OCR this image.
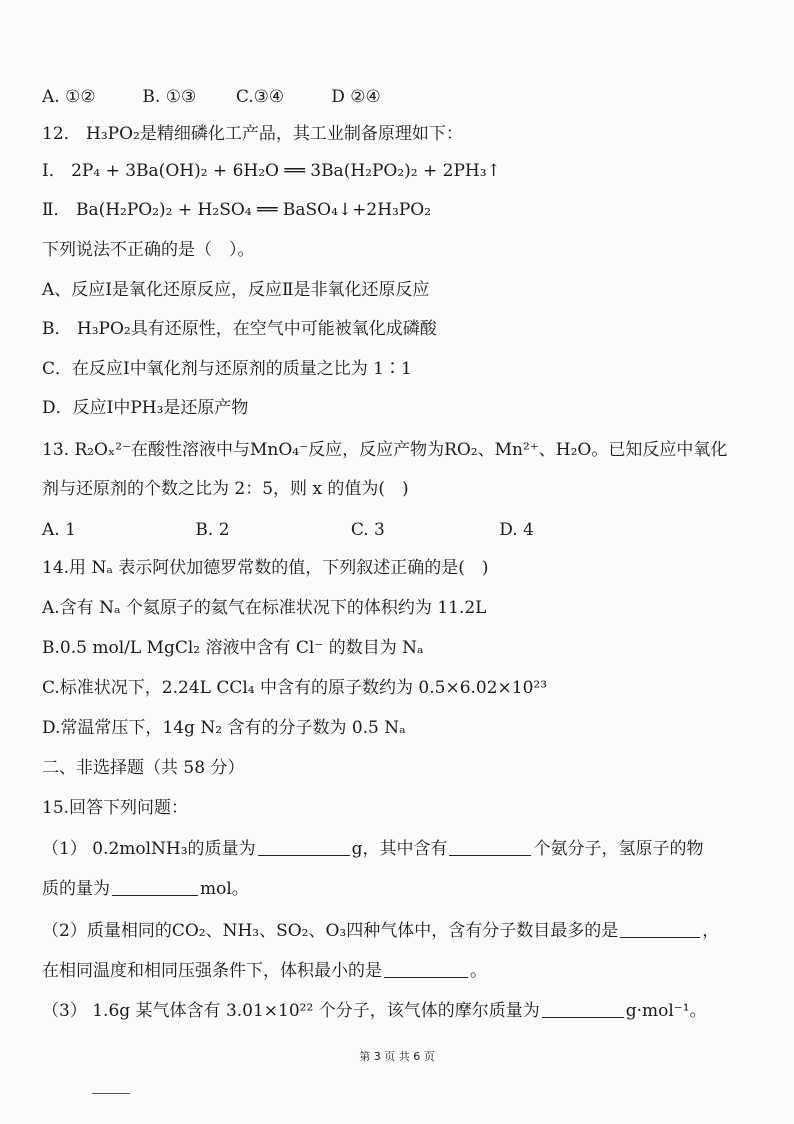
A. ①②	B. ①③ C.③④	D ②④
12． H₃PO₂是精细磷化工产品，其工业制备原理如下：
Ⅰ． 2P₄ + 3Ba(OH)₂ + 6H₂O ══ 3Ba(H₂PO₂)₂ + 2PH₃↑
Ⅱ． Ba(H₂PO₂)₂ + H₂SO₄ ══ BaSO₄↓+2H₃PO₂
下列说法不正确的是（　）。
A、反应Ⅰ是氧化还原反应，反应Ⅱ是非氧化还原反应
B． H₃PO₂具有还原性，在空气中可能被氧化成磷酸
C．在反应Ⅰ中氧化剂与还原剂的质量之比为 1∶1
D．反应Ⅰ中PH₃是还原产物
13. R₂Oₓ²⁻在酸性溶液中与MnO₄⁻反应，反应产物为RO₂、Mn²⁺、H₂O。已知反应中氧化
剂与还原剂的个数之比为 2：5，则 x 的值为(　)
A. 1	B. 2	C. 3	D. 4
14.用 Nₐ 表示阿伏加德罗常数的值，下列叙述正确的是(　)
A.含有 Nₐ 个氦原子的氦气在标准状况下的体积约为 11.2L
B.0.5 mol/L MgCl₂ 溶液中含有 Cl⁻ 的数目为 Nₐ
C.标准状况下，2.24L CCl₄ 中含有的原子数约为 0.5×6.02×10²³
D.常温常压下，14g N₂ 含有的分子数为 0.5 Nₐ
二、非选择题（共 58 分）
15.回答下列问题：
（1） 0.2molNH₃的质量为	g，其中含有	个氨分子，氢原子的物
质的量为	mol。
（2）质量相同的CO₂、NH₃、SO₂、O₃四种气体中，含有分子数目最多的是	，
在相同温度和相同压强条件下，体积最小的是	。
（3） 1.6g 某气体含有 3.01×10²² 个分子，该气体的摩尔质量为	g·mol⁻¹。
第 3 页 共 6 页
